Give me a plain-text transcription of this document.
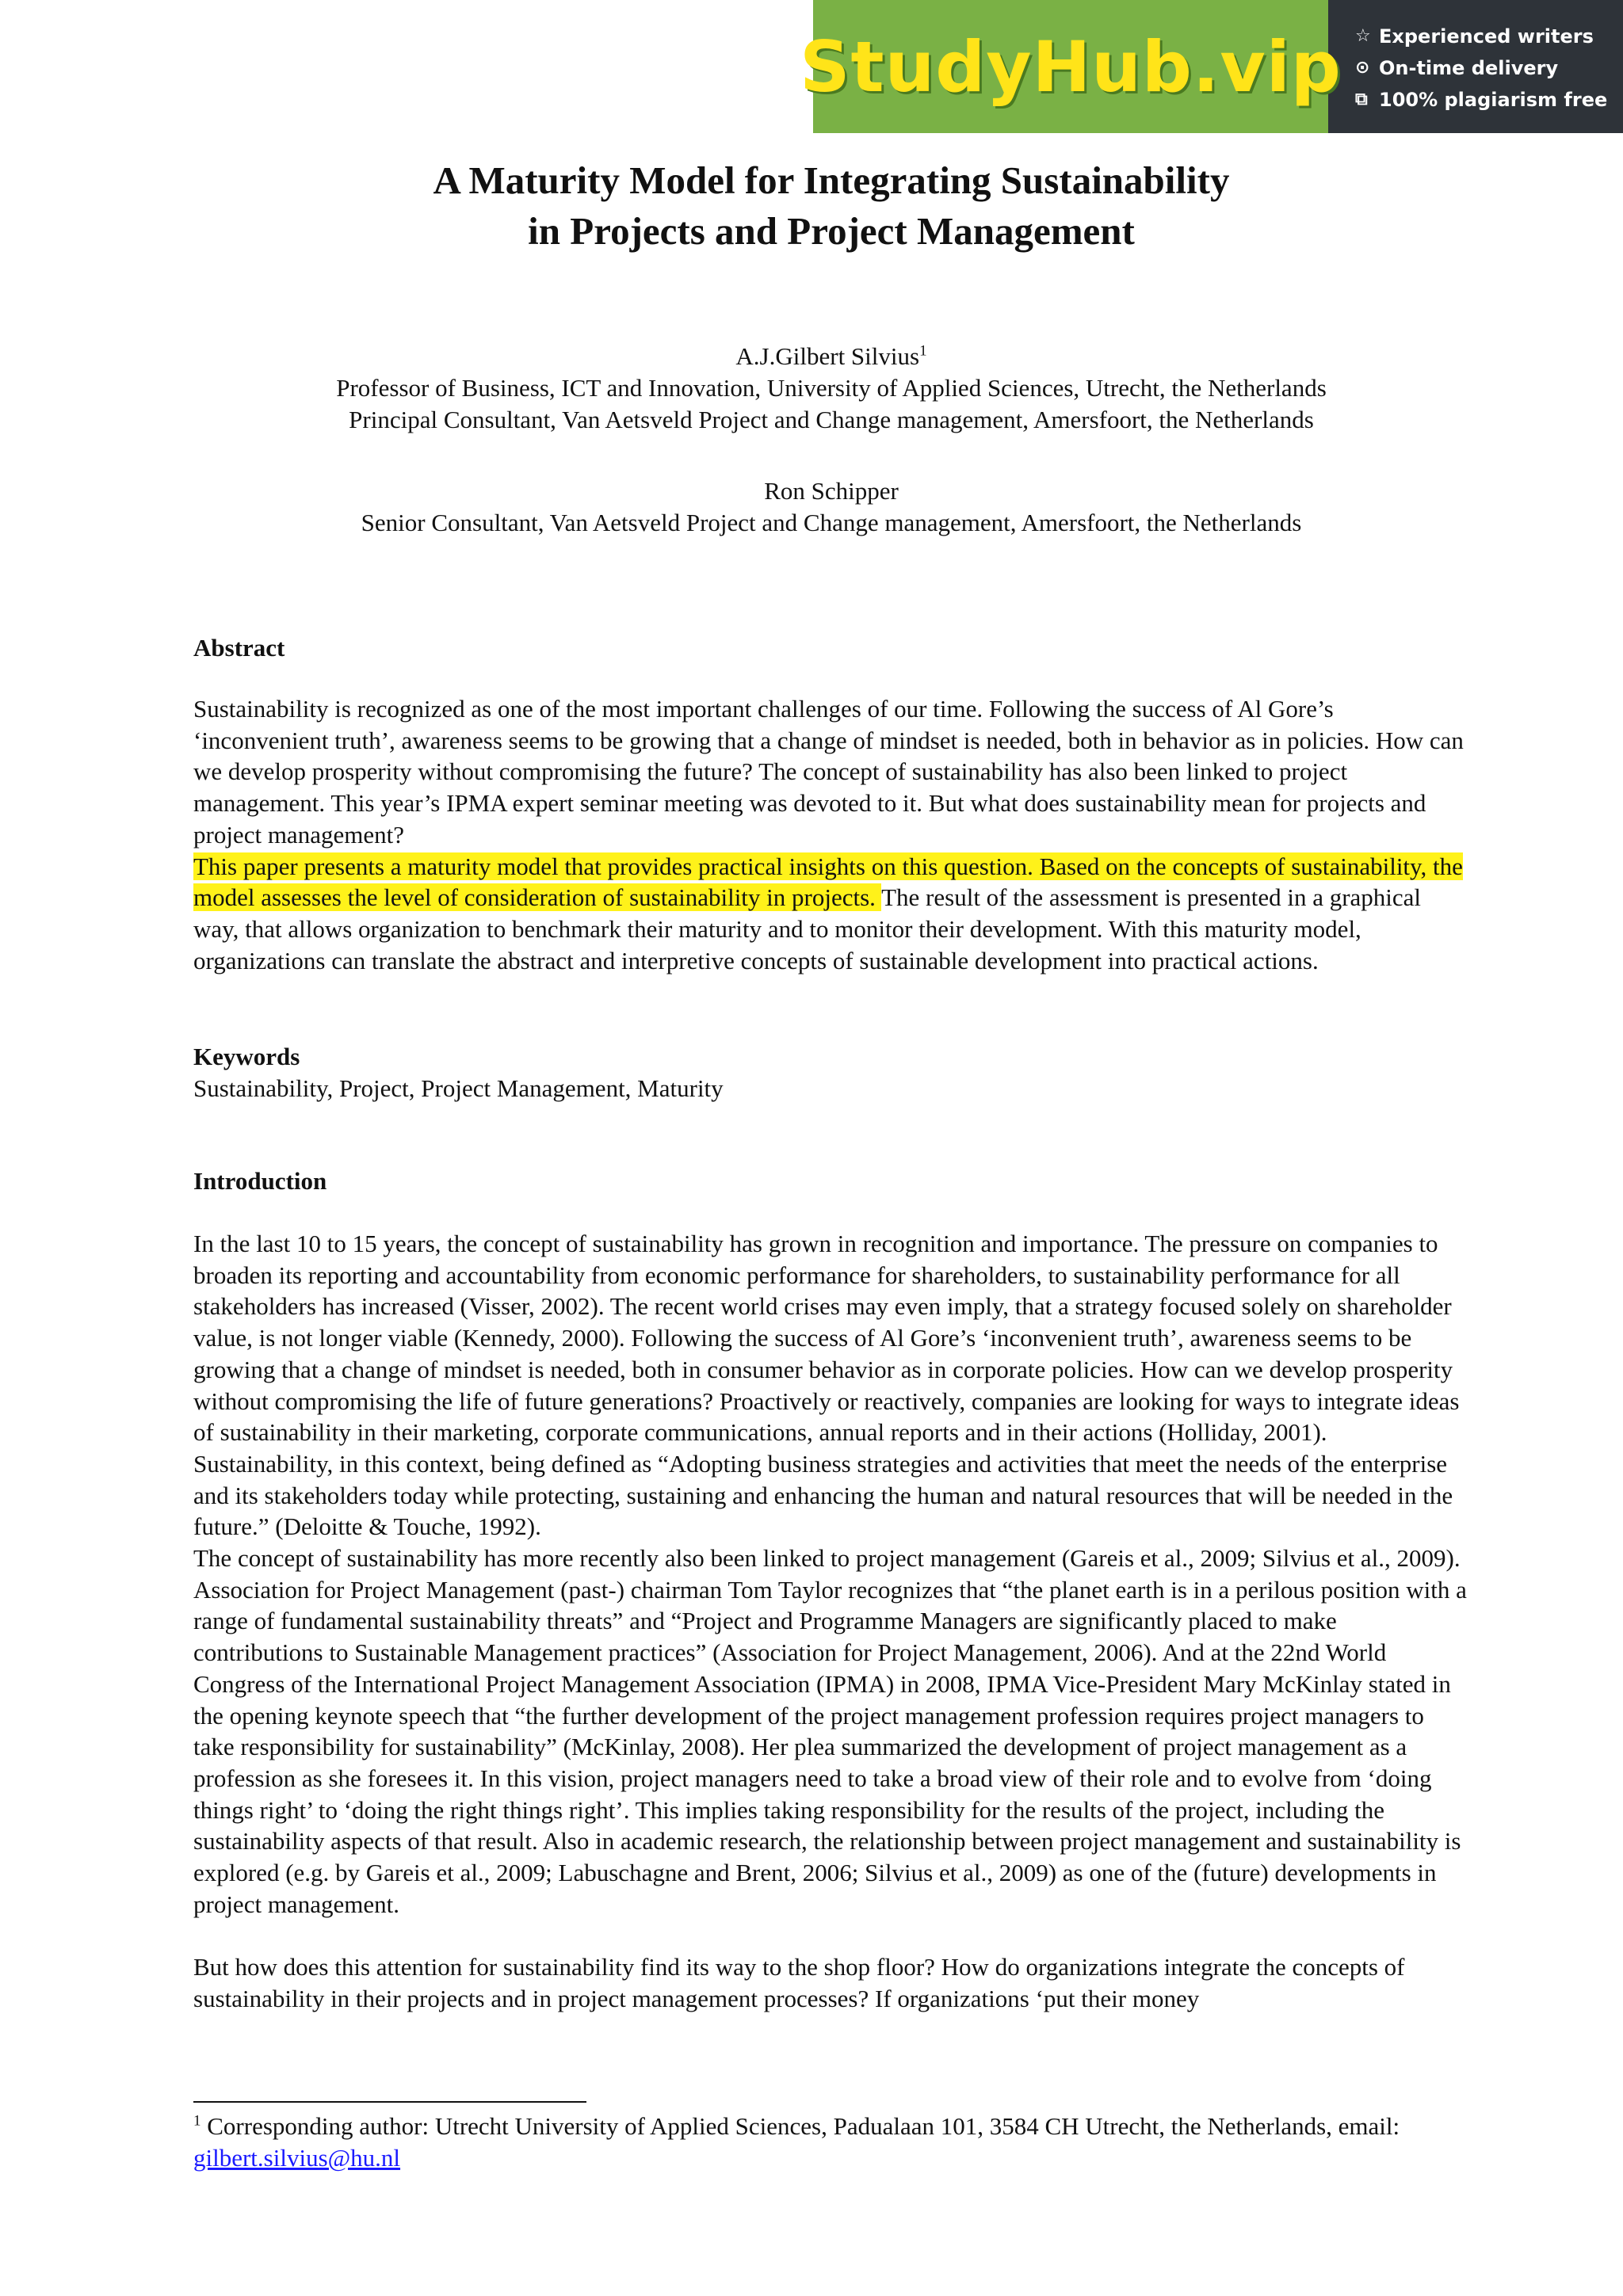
StudyHub.vip ☆ Experienced writers
⊙ On-time delivery
⧉ 100% plagiarism free
A Maturity Model for Integrating Sustainability
in Projects and Project Management
A.J.Gilbert Silvius$^1$
Professor of Business, ICT and Innovation, University of Applied Sciences, Utrecht, the Netherlands
Principal Consultant, Van Aetsveld Project and Change management, Amersfoort, the Netherlands
Ron Schipper
Senior Consultant, Van Aetsveld Project and Change management, Amersfoort, the Netherlands
Abstract
Sustainability is recognized as one of the most important challenges of our time. Following the success of Al Gore’s ‘inconvenient truth’, awareness seems to be growing that a change of mindset is needed, both in behavior as in policies. How can we develop prosperity without compromising the future? The concept of sustainability has also been linked to project management. This year’s IPMA expert seminar meeting was devoted to it. But what does sustainability mean for projects and project management?
This paper presents a maturity model that provides practical insights on this question. Based on the concepts of sustainability, the model assesses the level of consideration of sustainability in projects. The result of the assessment is presented in a graphical way, that allows organization to benchmark their maturity and to monitor their development. With this maturity model, organizations can translate the abstract and interpretive concepts of sustainable development into practical actions.
Keywords
Sustainability, Project, Project Management, Maturity
Introduction
In the last 10 to 15 years, the concept of sustainability has grown in recognition and importance. The pressure on companies to broaden its reporting and accountability from economic performance for shareholders, to sustainability performance for all stakeholders has increased (Visser, 2002). The recent world crises may even imply, that a strategy focused solely on shareholder value, is not longer viable (Kennedy, 2000). Following the success of Al Gore’s ‘inconvenient truth’, awareness seems to be growing that a change of mindset is needed, both in consumer behavior as in corporate policies. How can we develop prosperity without compromising the life of future generations? Proactively or reactively, companies are looking for ways to integrate ideas of sustainability in their marketing, corporate communications, annual reports and in their actions (Holliday, 2001). Sustainability, in this context, being defined as “Adopting business strategies and activities that meet the needs of the enterprise and its stakeholders today while protecting, sustaining and enhancing the human and natural resources that will be needed in the future.” (Deloitte & Touche, 1992).
The concept of sustainability has more recently also been linked to project management (Gareis et al., 2009; Silvius et al., 2009). Association for Project Management (past-) chairman Tom Taylor recognizes that “the planet earth is in a perilous position with a range of fundamental sustainability threats” and “Project and Programme Managers are significantly placed to make contributions to Sustainable Management practices” (Association for Project Management, 2006). And at the 22nd World Congress of the International Project Management Association (IPMA) in 2008, IPMA Vice-President Mary McKinlay stated in the opening keynote speech that “the further development of the project management profession requires project managers to take responsibility for sustainability” (McKinlay, 2008). Her plea summarized the development of project management as a profession as she foresees it. In this vision, project managers need to take a broad view of their role and to evolve from ‘doing things right’ to ‘doing the right things right’. This implies taking responsibility for the results of the project, including the sustainability aspects of that result. Also in academic research, the relationship between project management and sustainability is explored (e.g. by Gareis et al., 2009; Labuschagne and Brent, 2006; Silvius et al., 2009) as one of the (future) developments in project management.
But how does this attention for sustainability find its way to the shop floor? How do organizations integrate the concepts of sustainability in their projects and in project management processes? If organizations ‘put their money
$^1$ Corresponding author: Utrecht University of Applied Sciences, Padualaan 101, 3584 CH Utrecht, the Netherlands, email: gilbert.silvius@hu.nl
